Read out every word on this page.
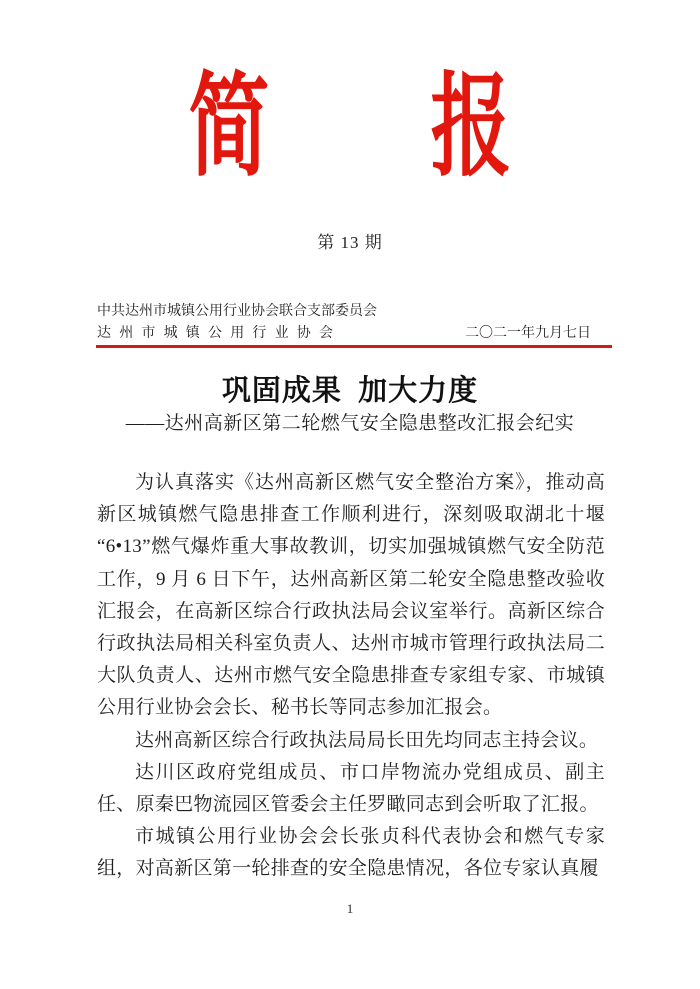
简 报
第 13 期
中共达州市城镇公用行业协会联合支部委员会
达州市城镇公用行业协会	二〇二一年九月七日
巩固成果 加大力度
——达州高新区第二轮燃气安全隐患整改汇报会纪实

为认真落实《达州高新区燃气安全整治方案》，推动高新区城镇燃气隐患排查工作顺利进行，深刻吸取湖北十堰“6•13”燃气爆炸重大事故教训，切实加强城镇燃气安全防范工作，9 月 6 日下午，达州高新区第二轮安全隐患整改验收汇报会，在高新区综合行政执法局会议室举行。高新区综合行政执法局相关科室负责人、达州市城市管理行政执法局二大队负责人、达州市燃气安全隐患排查专家组专家、市城镇公用行业协会会长、秘书长等同志参加汇报会。

达州高新区综合行政执法局局长田先均同志主持会议。

达川区政府党组成员、市口岸物流办党组成员、副主任、原秦巴物流园区管委会主任罗瞰同志到会听取了汇报。

市城镇公用行业协会会长张贞科代表协会和燃气专家组，对高新区第一轮排查的安全隐患情况，各位专家认真履

1
